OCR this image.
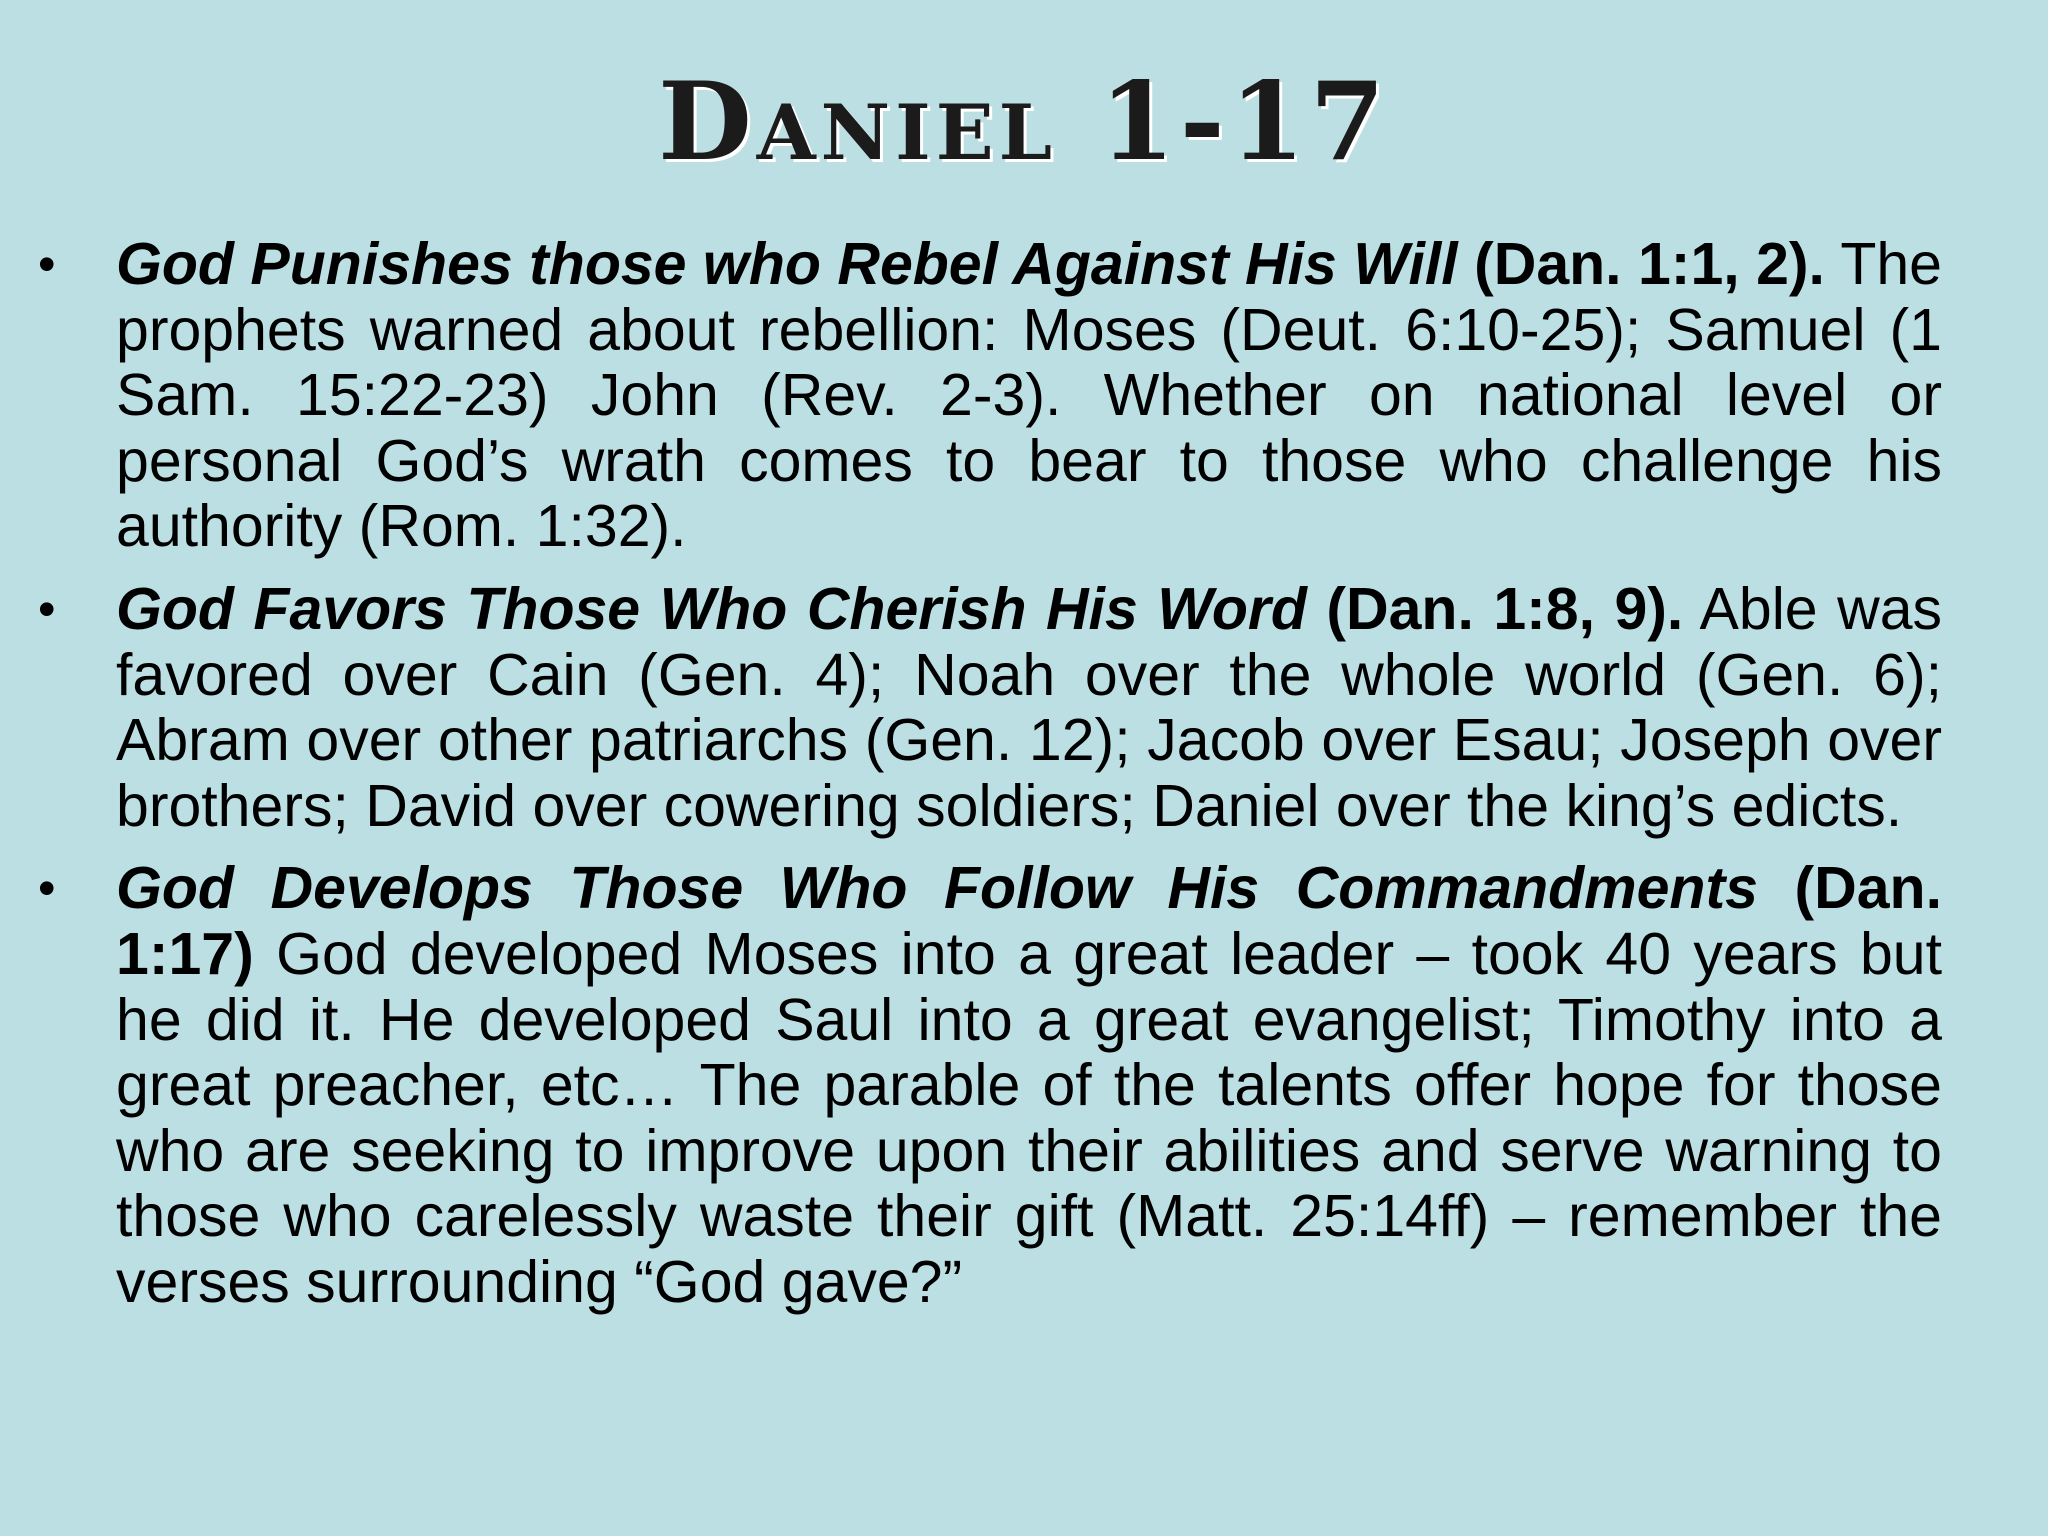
Daniel 1-17
• God Punishes those who Rebel Against His Will (Dan. 1:1, 2). The prophets warned about rebellion: Moses (Deut. 6:10-25); Samuel (1 Sam. 15:22-23) John (Rev. 2-3). Whether on national level or personal God’s wrath comes to bear to those who challenge his authority (Rom. 1:32).
• God Favors Those Who Cherish His Word (Dan. 1:8, 9). Able was favored over Cain (Gen. 4); Noah over the whole world (Gen. 6); Abram over other patriarchs (Gen. 12); Jacob over Esau; Joseph over brothers; David over cowering soldiers; Daniel over the king’s edicts.
• God Develops Those Who Follow His Commandments (Dan. 1:17) God developed Moses into a great leader – took 40 years but he did it. He developed Saul into a great evangelist; Timothy into a great preacher, etc… The parable of the talents offer hope for those who are seeking to improve upon their abilities and serve warning to those who carelessly waste their gift (Matt. 25:14ff) – remember the verses surrounding “God gave?”
